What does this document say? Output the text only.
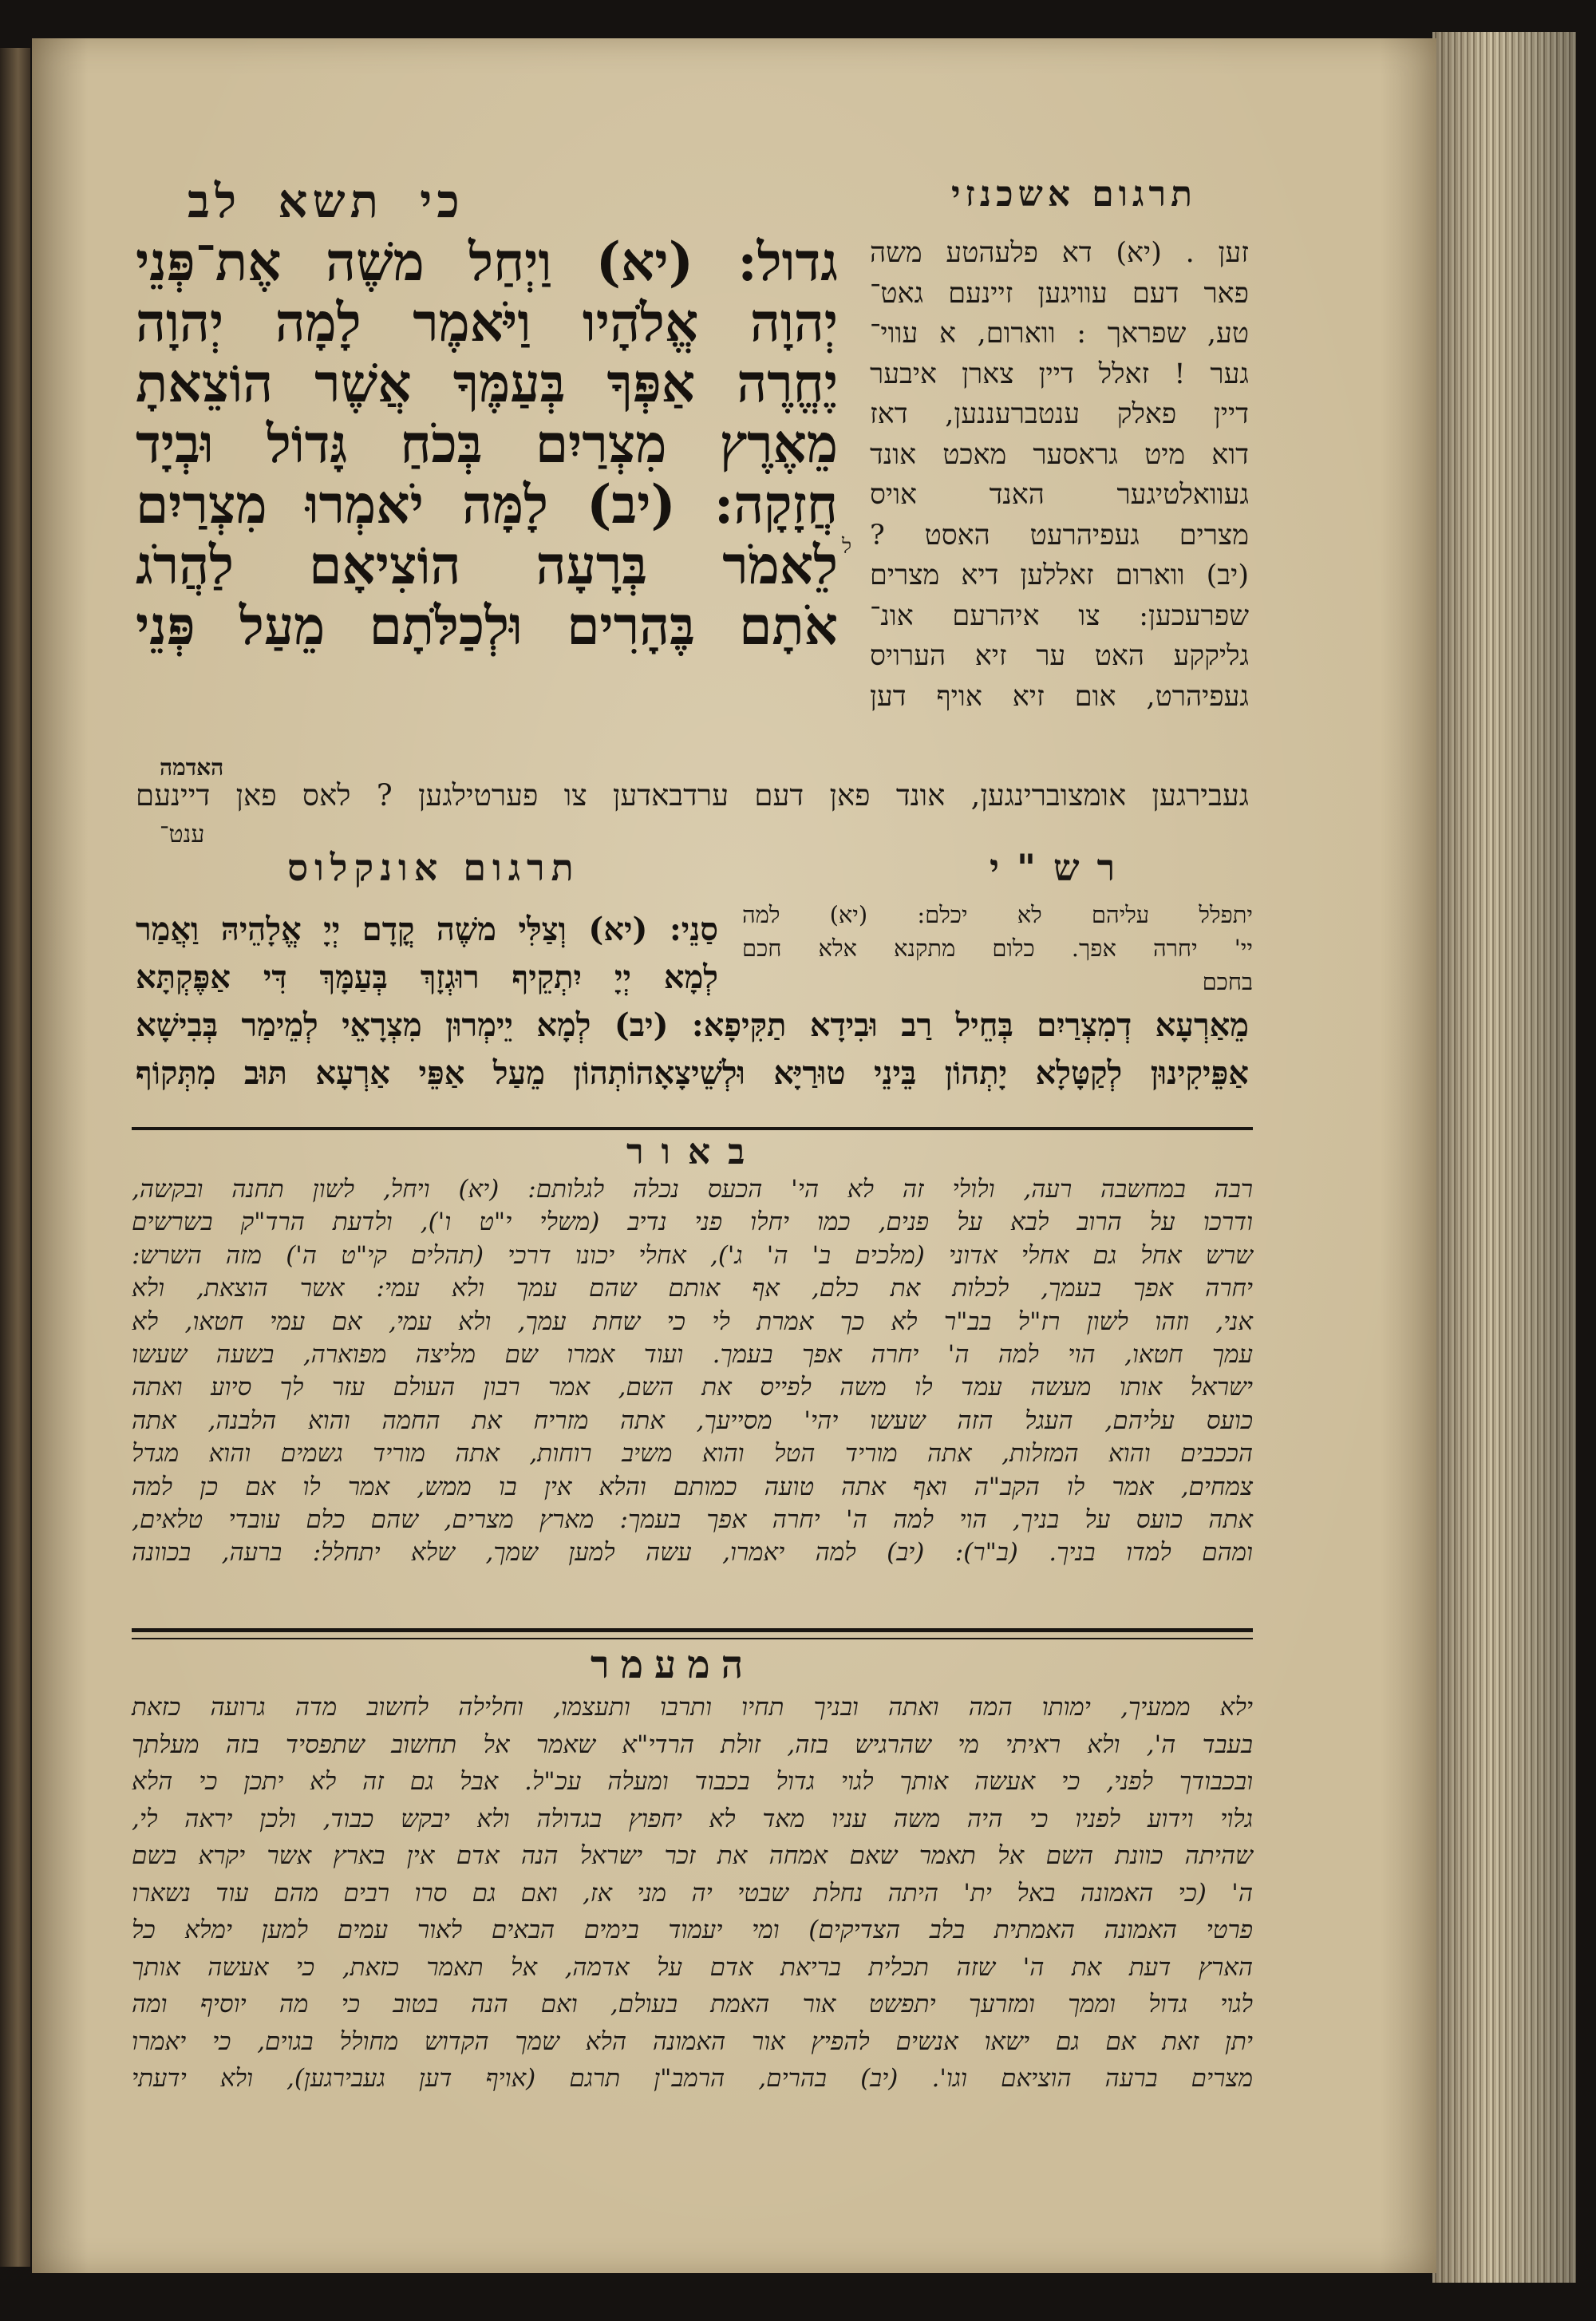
כי תשא לב	תרגום אשכנזי
גדול: (יא) וַיְחַל משֶׁה אֶת־פְּנֵי
יְהוָה אֱלֹהָיו וַיֹּאמֶר לָמָה יְהוָה
יֶחֱרֶה אַפְּךָ בְּעַמֶּךָ אֲשֶׁר הוֹצֵאתָ
מֵאֶרֶץ מִצְרַיִם בְּכֹחַ גָּדוֹל וּבְיָד
חֲזָקָה: (יב) לָמָּה יֹאמְרוּ מִצְרַיִם
לֵאמֹר בְּרָעָה הוֹצִיאָם לַהֲרֹג
אֹתָם בֶּהָרִים וּלְכַלֹּתָם מֵעַל פְּנֵי
ל
זען . (יא) דא פלעהטע משה
פאר דעם עוויגען זיינעם גאט־
טע, שפראך : ווארום, א עווי־
גער ! זאלל דיין צארן איבער
דיין פאלק ענטברעננען, דאז
דוא מיט גראסער מאכט אונד
געוואלטיגער האנד אויס
מצרים געפיהרעט האסט ?
(יב) ווארום זאללען דיא מצרים
שפרעכען: צו איהרעם אונ־
גליקקע האט ער זיא הערויס
געפיהרט, אום זיא אויף דען
האדמה
געבירגען אומצוברינגען, אונד פאן דעם ערדבאדען צו פערטילגען ? לאס פאן דיינעם
ענט־
תרגום אונקלוס	רש"י
יתפלל עליהם לא יכלם: (יא) למה
יי' יחרה אפך. כלום מתקנא אלא חכם
בחכם
סַנֵי: (יא) וְצַלִּי משֶׁה קֳדָם יְיָ אֱלָהֵיהּ וַאֲמַר
לְמָא יְיָ יִתְקֵיף רוּגְזָךְ בְּעַמָּךְ דִּי אַפֶּקְתָּא
מֵאַרְעָא דְמִצְרַיִם בְּחֵיל רַב וּבִידָא תַקִּיפָא: (יב) לְמָא יֵימְרוּן מִצְרָאֵי לְמֵימַר בְּבִישָׁא
אַפֵּיקִינוּן לְקַטָּלָא יָתְהוֹן בֵּינֵי טוּרַיָּא וּלְשֵׁיצָאָהוֹתְהוֹן מֵעַל אַפֵּי אַרְעָא תּוּב מִתְּקוֹף
באור
רבה במחשבה רעה, ולולי זה לא הי' הכעס נכלה לגלותם: (יא) ויחל, לשון תחנה ובקשה,
ודרכו על הרוב לבא על פנים, כמו יחלו פני נדיב (משלי י"ט ו'), ולדעת הרד"ק בשרשים
שרש אחל גם אחלי אדוני (מלכים ב' ה' ג'), אחלי יכונו דרכי (תהלים קי"ט ה') מזה השרש:
יחרה אפך בעמך, לכלות את כלם, אף אותם שהם עמך ולא עמי: אשר הוצאת, ולא
אני, וזהו לשון רז"ל בב"ר לא כך אמרת לי כי שחת עמך, ולא עמי, אם עמי חטאו, לא
עמך חטאו, הוי למה ה' יחרה אפך בעמך. ועוד אמרו שם מליצה מפוארה, בשעה שעשו
ישראל אותו מעשה עמד לו משה לפייס את השם, אמר רבון העולם עזר לך סיוע ואתה
כועס עליהם, העגל הזה שעשו יהי' מסייעך, אתה מזריח את החמה והוא הלבנה, אתה
הככבים והוא המזלות, אתה מוריד הטל והוא משיב רוחות, אתה מוריד גשמים והוא מגדל
צמחים, אמר לו הקב"ה ואף אתה טועה כמותם והלא אין בו ממש, אמר לו אם כן למה
אתה כועס על בניך, הוי למה ה' יחרה אפך בעמך: מארץ מצרים, שהם כלם עובדי טלאים,
ומהם למדו בניך. (ב"ר): (יב) למה יאמרו, עשה למען שמך, שלא יתחלל: ברעה, בכוונה
המעמר
ילא ממעיך, ימותו המה ואתה ובניך תחיו ותרבו ותעצמו, וחלילה לחשוב מדה גרועה כזאת
בעבד ה', ולא ראיתי מי שהרגיש בזה, זולת הרדי"א שאמר אל תחשוב שתפסיד בזה מעלתך
ובכבודך לפני, כי אעשה אותך לגוי גדול בכבוד ומעלה עכ"ל. אבל גם זה לא יתכן כי הלא
גלוי וידוע לפניו כי היה משה עניו מאד לא יחפוץ בגדולה ולא יבקש כבוד, ולכן יראה לי,
שהיתה כוונת השם אל תאמר שאם אמחה את זכר ישראל הנה אדם אין בארץ אשר יקרא בשם
ה' (כי האמונה באל ית' היתה נחלת שבטי יה מני אז, ואם גם סרו רבים מהם עוד נשארו
פרטי האמונה האמתית בלב הצדיקים) ומי יעמוד בימים הבאים לאור עמים למען ימלא כל
הארץ דעת את ה' שזה תכלית בריאת אדם על אדמה, אל תאמר כזאת, כי אעשה אותך
לגוי גדול וממך ומזרעך יתפשט אור האמת בעולם, ואם הנה בטוב כי מה יוסיף ומה
יתן זאת אם גם ישאו אנשים להפיץ אור האמונה הלא שמך הקדוש מחולל בגוים, כי יאמרו
מצרים ברעה הוציאם וגו'. (יב) בהרים, הרמב"ן תרגם (אויף דען געבירגען), ולא ידעתי
